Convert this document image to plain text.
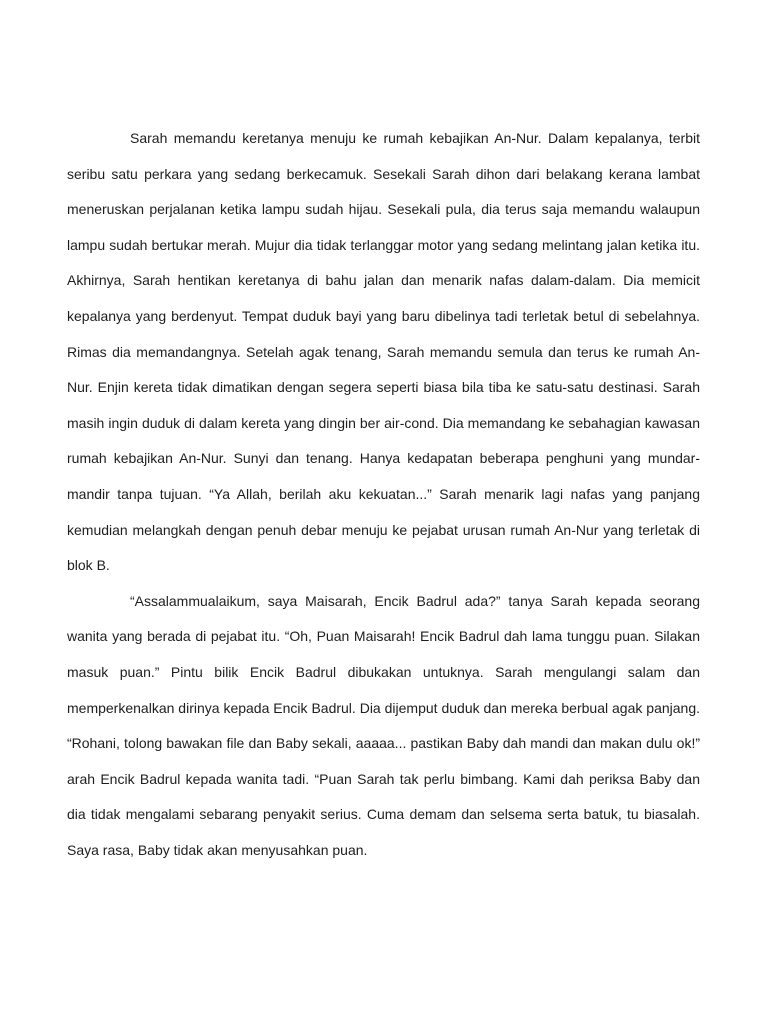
Sarah memandu keretanya menuju ke rumah kebajikan An-Nur. Dalam kepalanya, terbit seribu satu perkara yang sedang berkecamuk. Sesekali Sarah dihon dari belakang kerana lambat meneruskan perjalanan ketika lampu sudah hijau. Sesekali pula, dia terus saja memandu walaupun lampu sudah bertukar merah. Mujur dia tidak terlanggar motor yang sedang melintang jalan ketika itu. Akhirnya, Sarah hentikan keretanya di bahu jalan dan menarik nafas dalam-dalam. Dia memicit kepalanya yang berdenyut. Tempat duduk bayi yang baru dibelinya tadi terletak betul di sebelahnya. Rimas dia memandangnya. Setelah agak tenang, Sarah memandu semula dan terus ke rumah An-Nur. Enjin kereta tidak dimatikan dengan segera seperti biasa bila tiba ke satu-satu destinasi. Sarah masih ingin duduk di dalam kereta yang dingin ber air-cond. Dia memandang ke sebahagian kawasan rumah kebajikan An-Nur. Sunyi dan tenang. Hanya kedapatan beberapa penghuni yang mundar-mandir tanpa tujuan. “Ya Allah, berilah aku kekuatan...” Sarah menarik lagi nafas yang panjang kemudian melangkah dengan penuh debar menuju ke pejabat urusan rumah An-Nur yang terletak di blok B.

“Assalammualaikum, saya Maisarah, Encik Badrul ada?” tanya Sarah kepada seorang wanita yang berada di pejabat itu. “Oh, Puan Maisarah! Encik Badrul dah lama tunggu puan. Silakan masuk puan.” Pintu bilik Encik Badrul dibukakan untuknya. Sarah mengulangi salam dan memperkenalkan dirinya kepada Encik Badrul. Dia dijemput duduk dan mereka berbual agak panjang. “Rohani, tolong bawakan file dan Baby sekali, aaaaa... pastikan Baby dah mandi dan makan dulu ok!” arah Encik Badrul kepada wanita tadi. “Puan Sarah tak perlu bimbang. Kami dah periksa Baby dan dia tidak mengalami sebarang penyakit serius. Cuma demam dan selsema serta batuk, tu biasalah. Saya rasa, Baby tidak akan menyusahkan puan.
